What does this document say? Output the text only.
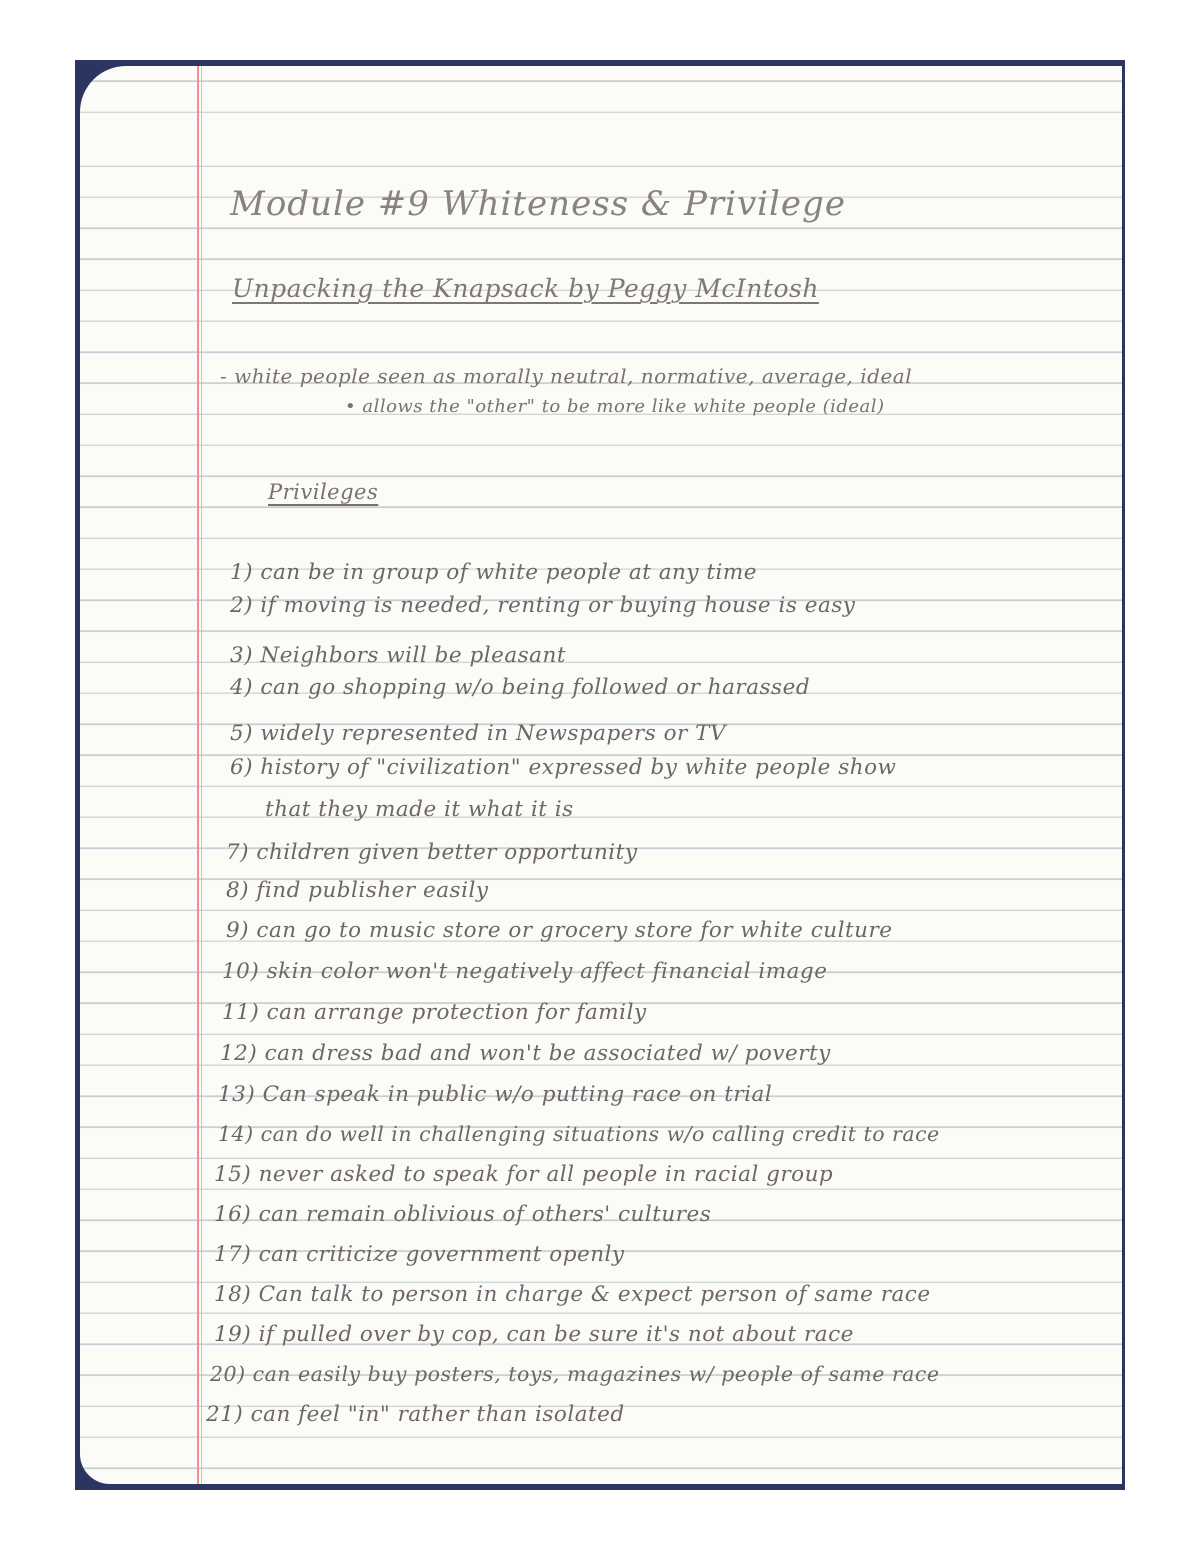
Module #9 Whiteness & Privilege

Unpacking the Knapsack by Peggy McIntosh

- white people seen as morally neutral, normative, average, ideal

• allows the "other" to be more like white people (ideal)

Privileges

1) can be in group of white people at any time

2) if moving is needed, renting or buying house is easy

3) Neighbors will be pleasant

4) can go shopping w/o being followed or harassed

5) widely represented in Newspapers or TV

6) history of "civilization" expressed by white people show

that they made it what it is

7) children given better opportunity

8) find publisher easily

9) can go to music store or grocery store for white culture

10) skin color won't negatively affect financial image

11) can arrange protection for family

12) can dress bad and won't be associated w/ poverty

13) Can speak in public w/o putting race on trial

14) can do well in challenging situations w/o calling credit to race

15) never asked to speak for all people in racial group

16) can remain oblivious of others' cultures

17) can criticize government openly

18) Can talk to person in charge & expect person of same race

19) if pulled over by cop, can be sure it's not about race

20) can easily buy posters, toys, magazines w/ people of same race

21) can feel "in" rather than isolated
